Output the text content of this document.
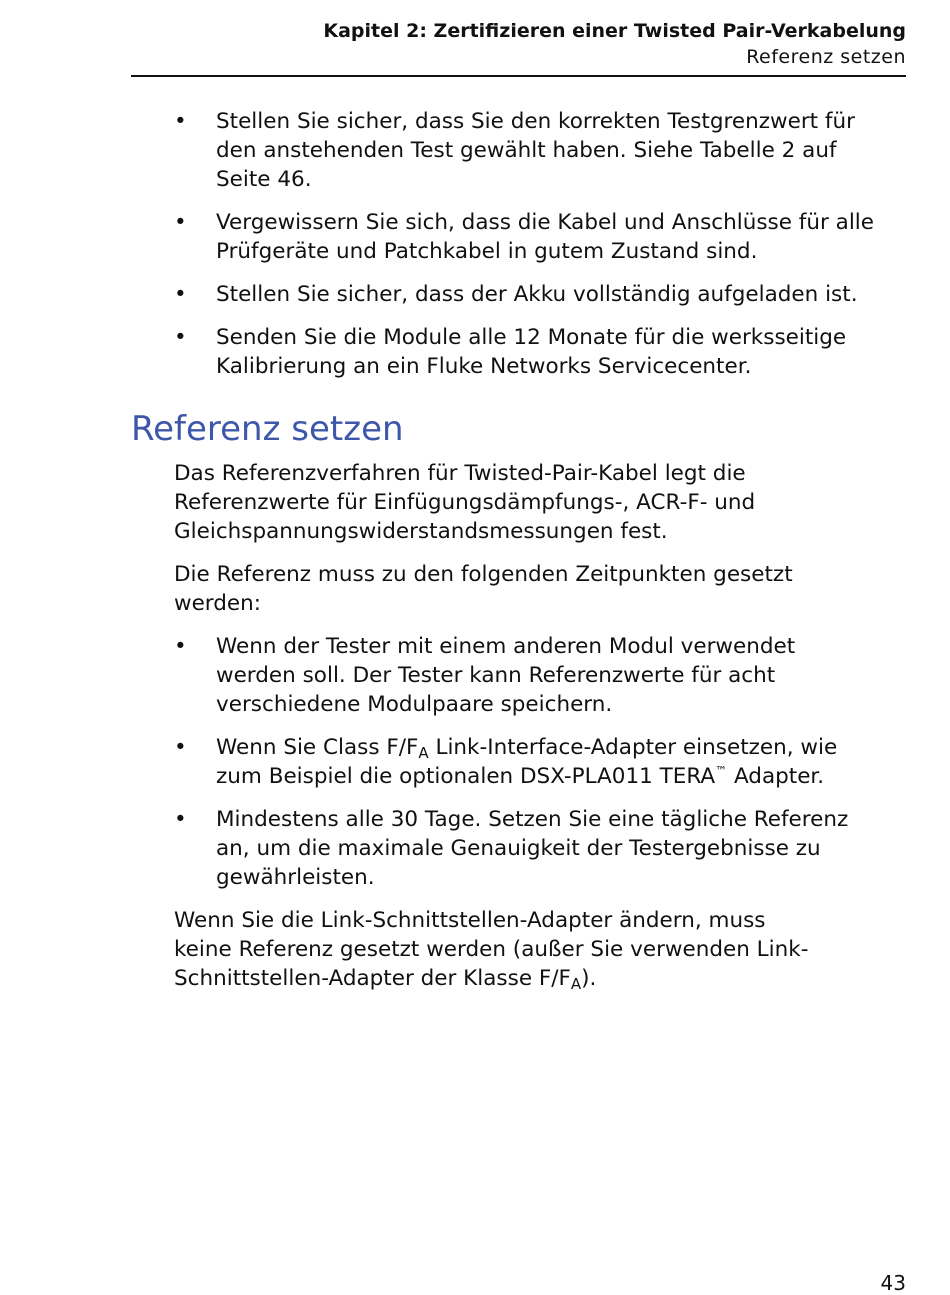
Kapitel 2: Zertifizieren einer Twisted Pair-Verkabelung
Referenz setzen
• Stellen Sie sicher, dass Sie den korrekten Testgrenzwert für den anstehenden Test gewählt haben. Siehe Tabelle 2 auf Seite 46.
• Vergewissern Sie sich, dass die Kabel und Anschlüsse für alle Prüfgeräte und Patchkabel in gutem Zustand sind.
• Stellen Sie sicher, dass der Akku vollständig aufgeladen ist.
• Senden Sie die Module alle 12 Monate für die werksseitige Kalibrierung an ein Fluke Networks Servicecenter.
Referenz setzen

Das Referenzverfahren für Twisted-Pair-Kabel legt die Referenzwerte für Einfügungsdämpfungs-, ACR-F- und Gleichspannungswiderstandsmessungen fest.

Die Referenz muss zu den folgenden Zeitpunkten gesetzt werden:

• Wenn der Tester mit einem anderen Modul verwendet werden soll. Der Tester kann Referenzwerte für acht verschiedene Modulpaare speichern.
• Wenn Sie Class $F/F_A$ Link-Interface-Adapter einsetzen, wie zum Beispiel die optionalen DSX-PLA011 TERA™ Adapter.
• Mindestens alle 30 Tage. Setzen Sie eine tägliche Referenz an, um die maximale Genauigkeit der Testergebnisse zu gewährleisten.

Wenn Sie die Link-Schnittstellen-Adapter ändern, muss keine Referenz gesetzt werden (außer Sie verwenden Link-Schnittstellen-Adapter der Klasse $F/F_A$).

43
